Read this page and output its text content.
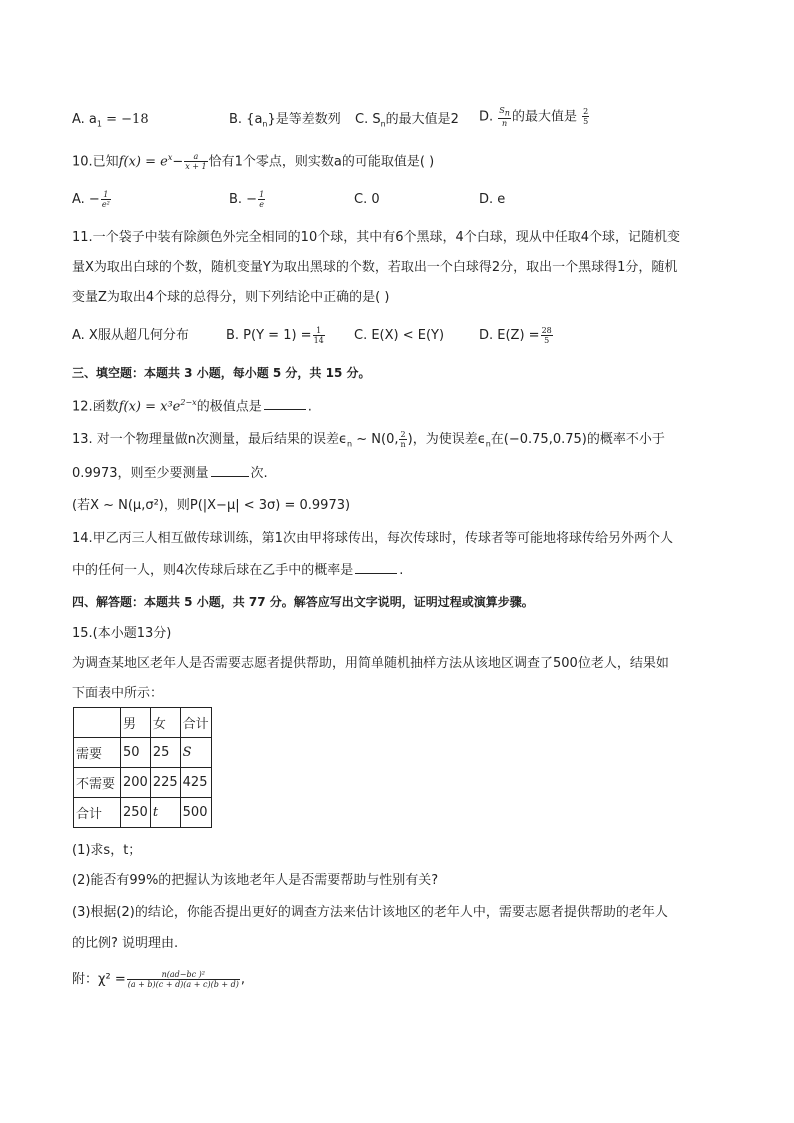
A. $a_1 = -18$	B. $\{a_n\}$是等差数列 C. $S_n$的最大值是2 D. $\frac{S_n}{n}$ 的最大值是 $\frac{2}{5}$
10.已知$f(x) = e^x- \frac{a}{x + 1}$ 恰有1个零点，则实数a的可能取值是( )
A. − $\frac{1}{\text{e²}}$	B. − $\frac{1}{e}$	C. 0	D. e
11.一个袋子中装有除颜色外完全相同的10个球，其中有6个黑球，4个白球，现从中任取4个球，记随机变
量X为取出白球的个数，随机变量Y为取出黑球的个数，若取出一个白球得2分，取出一个黑球得1分，随机
变量Z为取出4个球的总得分，则下列结论中正确的是( )
A. X服从超几何分布	B. $P(Y = 1) = \frac{1}{14} C$. E(X) < E(Y)	D. $E(Z) = \frac{28}{5}$
三、填空题：本题共 3 小题，每小题 5 分，共 15 分。
12.函数$f(x) = x^3e^{2-x}$的极值点是	.
13. 对一个物理量做n次测量，最后结果的误差$\epsilon_n$ ~ N(0, $\frac{2}{n}$ )，为使误差$\epsilon_n$在(−0.75,0.75)的概率不小于
0.9973，则至少要测量	次.
(若X ~ N(μ,σ²)，则P(|X−μ| < 3σ) = 0.9973)
14.甲乙丙三人相互做传球训练，第1次由甲将球传出，每次传球时，传球者等可能地将球传给另外两个人
中的任何一人，则4次传球后球在乙手中的概率是	.
四、解答题：本题共 5 小题，共 77 分。解答应写出文字说明，证明过程或演算步骤。
15.(本小题13分)
为调查某地区老年人是否需要志愿者提供帮助，用简单随机抽样方法从该地区调查了500位老人，结果如
下面表中所示：
	男	女	合计
需要	50	25	S
不需要	200	225	425
合计	250	t	500
(1)求s，t；
(2)能否有99%的把握认为该地老年人是否需要帮助与性别有关?
(3)根据(2)的结论，你能否提出更好的调查方法来估计该地区的老年人中，需要志愿者提供帮助的老年人
的比例? 说明理由.
附：$\chi^2 = \frac{\text{n(ad−bc )²}}{(a + b)(c + d)(a + c)(b + d)}$ ,
